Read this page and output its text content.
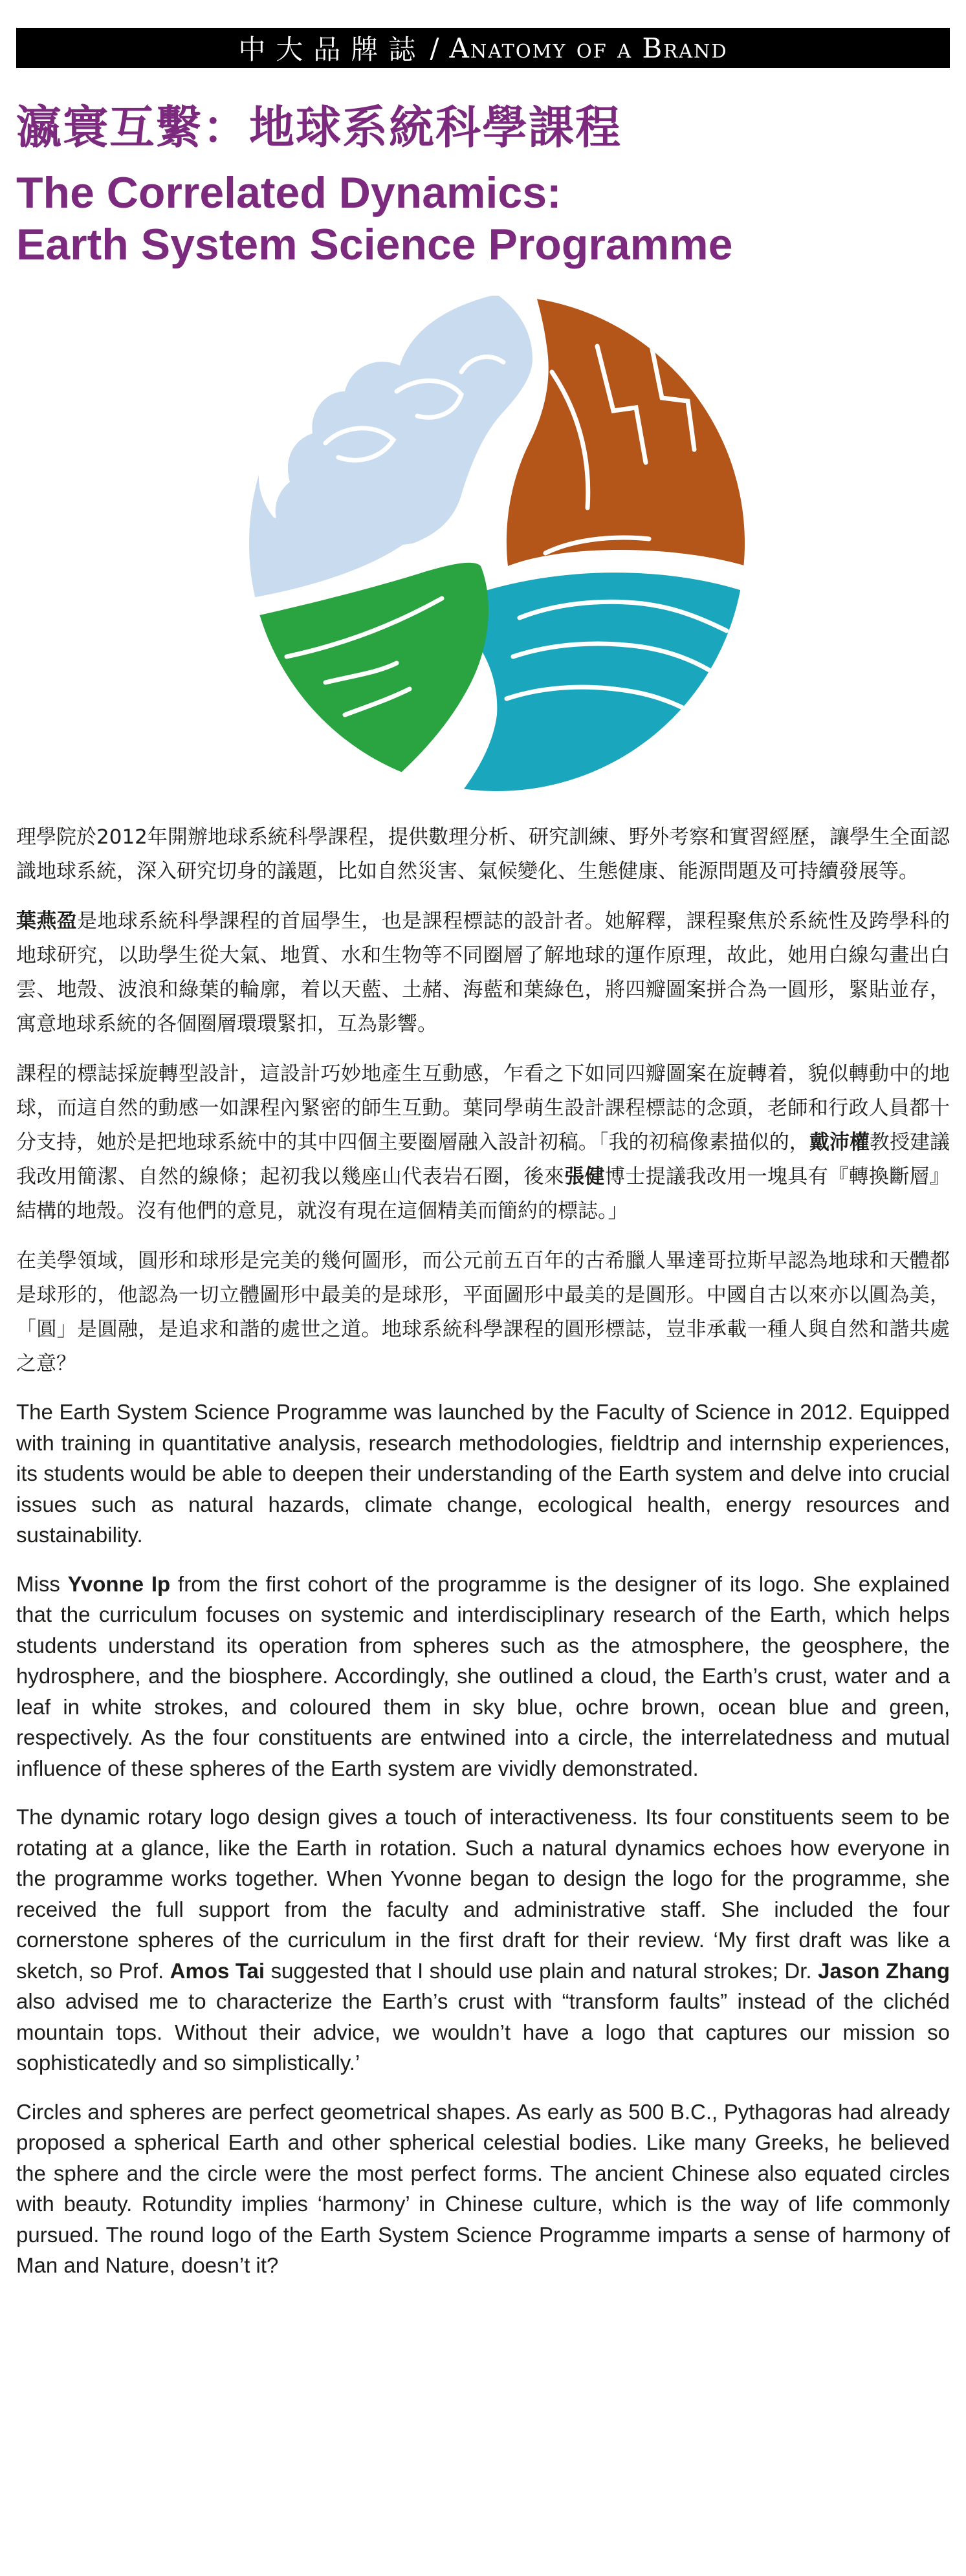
中大品牌誌 / Anatomy of a Brand
瀛寰互繫：地球系統科學課程
The Correlated Dynamics:
Earth System Science Programme

理學院於2012年開辦地球系統科學課程，提供數理分析、研究訓練、野外考察和實習經歷，讓學生全面認識地球系統，深入研究切身的議題，比如自然災害、氣候變化、生態健康、能源問題及可持續發展等。

葉燕盈是地球系統科學課程的首屆學生，也是課程標誌的設計者。她解釋，課程聚焦於系統性及跨學科的地球研究，以助學生從大氣、地質、水和生物等不同圈層了解地球的運作原理，故此，她用白線勾畫出白雲、地殼、波浪和綠葉的輪廓，着以天藍、土赭、海藍和葉綠色，將四瓣圖案拼合為一圓形，緊貼並存，寓意地球系統的各個圈層環環緊扣，互為影響。

課程的標誌採旋轉型設計，這設計巧妙地產生互動感，乍看之下如同四瓣圖案在旋轉着，貌似轉動中的地球，而這自然的動感一如課程內緊密的師生互動。葉同學萌生設計課程標誌的念頭，老師和行政人員都十分支持，她於是把地球系統中的其中四個主要圈層融入設計初稿。「我的初稿像素描似的，戴沛權教授建議我改用簡潔、自然的線條；起初我以幾座山代表岩石圈，後來張健博士提議我改用一塊具有『轉換斷層』結構的地殼。沒有他們的意見，就沒有現在這個精美而簡約的標誌。」

在美學領域，圓形和球形是完美的幾何圖形，而公元前五百年的古希臘人畢達哥拉斯早認為地球和天體都是球形的，他認為一切立體圖形中最美的是球形，平面圖形中最美的是圓形。中國自古以來亦以圓為美，「圓」是圓融，是追求和諧的處世之道。地球系統科學課程的圓形標誌，豈非承載一種人與自然和諧共處之意？

The Earth System Science Programme was launched by the Faculty of Science in 2012. Equipped with training in quantitative analysis, research methodologies, fieldtrip and internship experiences, its students would be able to deepen their understanding of the Earth system and delve into crucial issues such as natural hazards, climate change, ecological health, energy resources and sustainability.

Miss Yvonne Ip from the first cohort of the programme is the designer of its logo. She explained that the curriculum focuses on systemic and interdisciplinary research of the Earth, which helps students understand its operation from spheres such as the atmosphere, the geosphere, the hydrosphere, and the biosphere. Accordingly, she outlined a cloud, the Earth’s crust, water and a leaf in white strokes, and coloured them in sky blue, ochre brown, ocean blue and green, respectively. As the four constituents are entwined into a circle, the interrelatedness and mutual influence of these spheres of the Earth system are vividly demonstrated.

The dynamic rotary logo design gives a touch of interactiveness. Its four constituents seem to be rotating at a glance, like the Earth in rotation. Such a natural dynamics echoes how everyone in the programme works together. When Yvonne began to design the logo for the programme, she received the full support from the faculty and administrative staff. She included the four cornerstone spheres of the curriculum in the first draft for their review. ‘My first draft was like a sketch, so Prof. Amos Tai suggested that I should use plain and natural strokes; Dr. Jason Zhang also advised me to characterize the Earth’s crust with “transform faults” instead of the clichéd mountain tops. Without their advice, we wouldn’t have a logo that captures our mission so sophisticatedly and so simplistically.’

Circles and spheres are perfect geometrical shapes. As early as 500 B.C., Pythagoras had already proposed a spherical Earth and other spherical celestial bodies. Like many Greeks, he believed the sphere and the circle were the most perfect forms. The ancient Chinese also equated circles with beauty. Rotundity implies ‘harmony’ in Chinese culture, which is the way of life commonly pursued. The round logo of the Earth System Science Programme imparts a sense of harmony of Man and Nature, doesn’t it?
